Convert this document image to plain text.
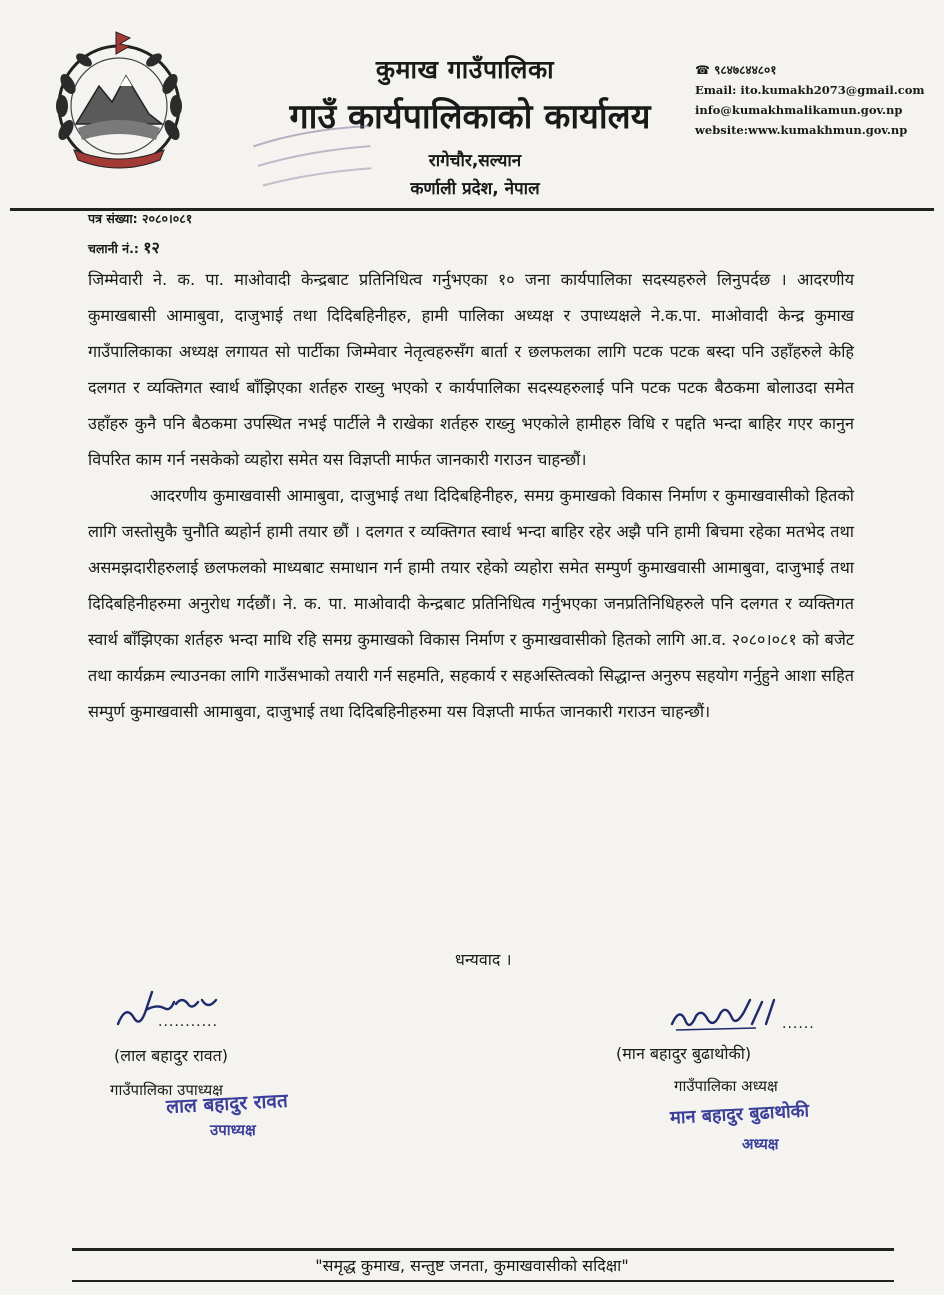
कुमाख गाउँपालिका
गाउँ कार्यपालिकाको कार्यालय
रागेचौर,सल्यान
कर्णाली प्रदेश, नेपाल
☎ ९८४७८४४८०१
Email: ito.kumakh2073@gmail.com
info@kumakhmalikamun.gov.np
website:www.kumakhmun.gov.np
पत्र संख्या: २०८०।०८१
चलानी नं.: १२

जिम्मेवारी ने. क. पा. माओवादी केन्द्रबाट प्रतिनिधित्व गर्नुभएका १० जना कार्यपालिका सदस्यहरुले लिनुपर्दछ । आदरणीय कुमाखबासी आमाबुवा, दाजुभाई तथा दिदिबहिनीहरु, हामी पालिका अध्यक्ष र उपाध्यक्षले ने.क.पा. माओवादी केन्द्र कुमाख गाउँपालिकाका अध्यक्ष लगायत सो पार्टीका जिम्मेवार नेतृत्वहरुसँग बार्ता र छलफलका लागि पटक पटक बस्दा पनि उहाँहरुले केहि दलगत र व्यक्तिगत स्वार्थ बाँझिएका शर्तहरु राख्नु भएको र कार्यपालिका सदस्यहरुलाई पनि पटक पटक बैठकमा बोलाउदा समेत उहाँहरु कुनै पनि बैठकमा उपस्थित नभई पार्टीले नै राखेका शर्तहरु राख्नु भएकोले हामीहरु विधि र पद्दति भन्दा बाहिर गएर कानुन विपरित काम गर्न नसकेको व्यहोरा समेत यस विज्ञप्ती मार्फत जानकारी गराउन चाहन्छौं।

आदरणीय कुमाखवासी आमाबुवा, दाजुभाई तथा दिदिबहिनीहरु, समग्र कुमाखको विकास निर्माण र कुमाखवासीको हितको लागि जस्तोसुकै चुनौति ब्यहोर्न हामी तयार छौं । दलगत र व्यक्तिगत स्वार्थ भन्दा बाहिर रहेर अझै पनि हामी बिचमा रहेका मतभेद तथा असमझदारीहरुलाई छलफलको माध्यबाट समाधान गर्न हामी तयार रहेको व्यहोरा समेत सम्पुर्ण कुमाखवासी आमाबुवा, दाजुभाई तथा दिदिबहिनीहरुमा अनुरोध गर्दछौं। ने. क. पा. माओवादी केन्द्रबाट प्रतिनिधित्व गर्नुभएका जनप्रतिनिधिहरुले पनि दलगत र व्यक्तिगत स्वार्थ बाँझिएका शर्तहरु भन्दा माथि रहि समग्र कुमाखको विकास निर्माण र कुमाखवासीको हितको लागि आ.व. २०८०।०८१ को बजेट तथा कार्यक्रम ल्याउनका लागि गाउँसभाको तयारी गर्न सहमति, सहकार्य र सहअस्तित्वको सिद्धान्त अनुरुप सहयोग गर्नुहुने आशा सहित सम्पुर्ण कुमाखवासी आमाबुवा, दाजुभाई तथा दिदिबहिनीहरुमा यस विज्ञप्ती मार्फत जानकारी गराउन चाहन्छौं।

धन्यवाद ।
...........
(लाल बहादुर रावत)
गाउँपालिका उपाध्यक्ष
लाल बहादुर रावत
उपाध्यक्ष
......
(मान बहादुर बुढाथोकी)
गाउँपालिका अध्यक्ष
मान बहादुर बुढाथोकी
अध्यक्ष
"समृद्ध कुमाख, सन्तुष्ट जनता, कुमाखवासीको सदिक्षा"
